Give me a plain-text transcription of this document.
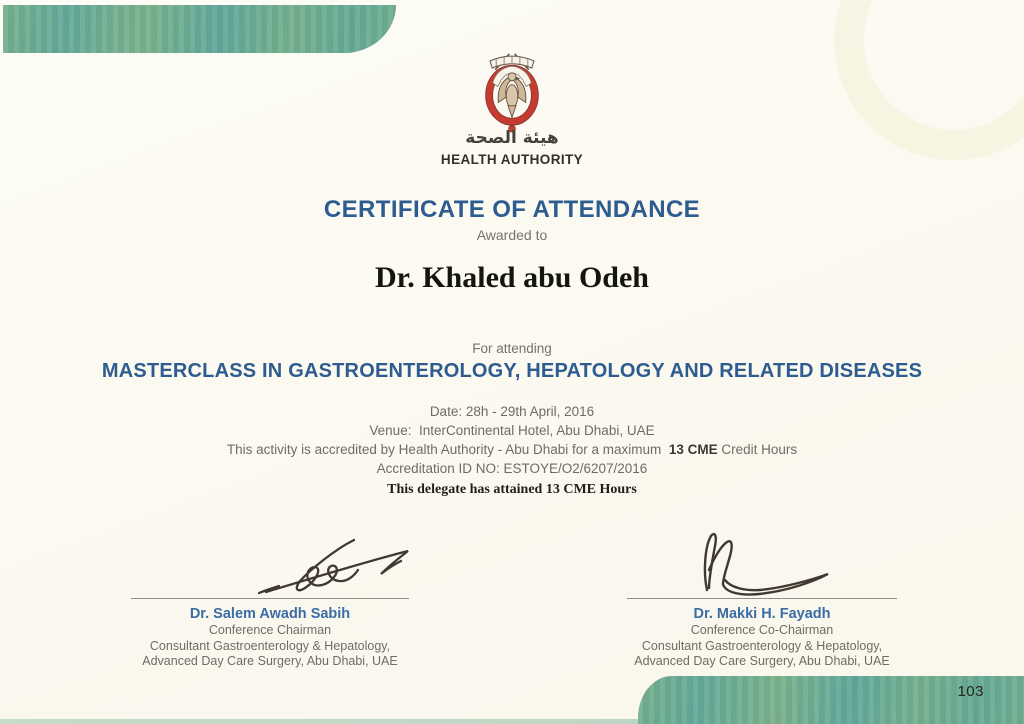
هيئة الصحة
HEALTH AUTHORITY
CERTIFICATE OF ATTENDANCE
Awarded to
Dr. Khaled abu Odeh
For attending
MASTERCLASS IN GASTROENTEROLOGY, HEPATOLOGY AND RELATED DISEASES
Date: 28h - 29th April, 2016
Venue:  InterContinental Hotel, Abu Dhabi, UAE
This activity is accredited by Health Authority - Abu Dhabi for a maximum  13 CME Credit Hours
Accreditation ID NO: ESTOYE/O2/6207/2016
This delegate has attained 13 CME Hours
Dr. Salem Awadh Sabih
Conference Chairman
Consultant Gastroenterology & Hepatology,
Advanced Day Care Surgery, Abu Dhabi, UAE
Dr. Makki H. Fayadh
Conference Co-Chairman
Consultant Gastroenterology & Hepatology,
Advanced Day Care Surgery, Abu Dhabi, UAE
103
